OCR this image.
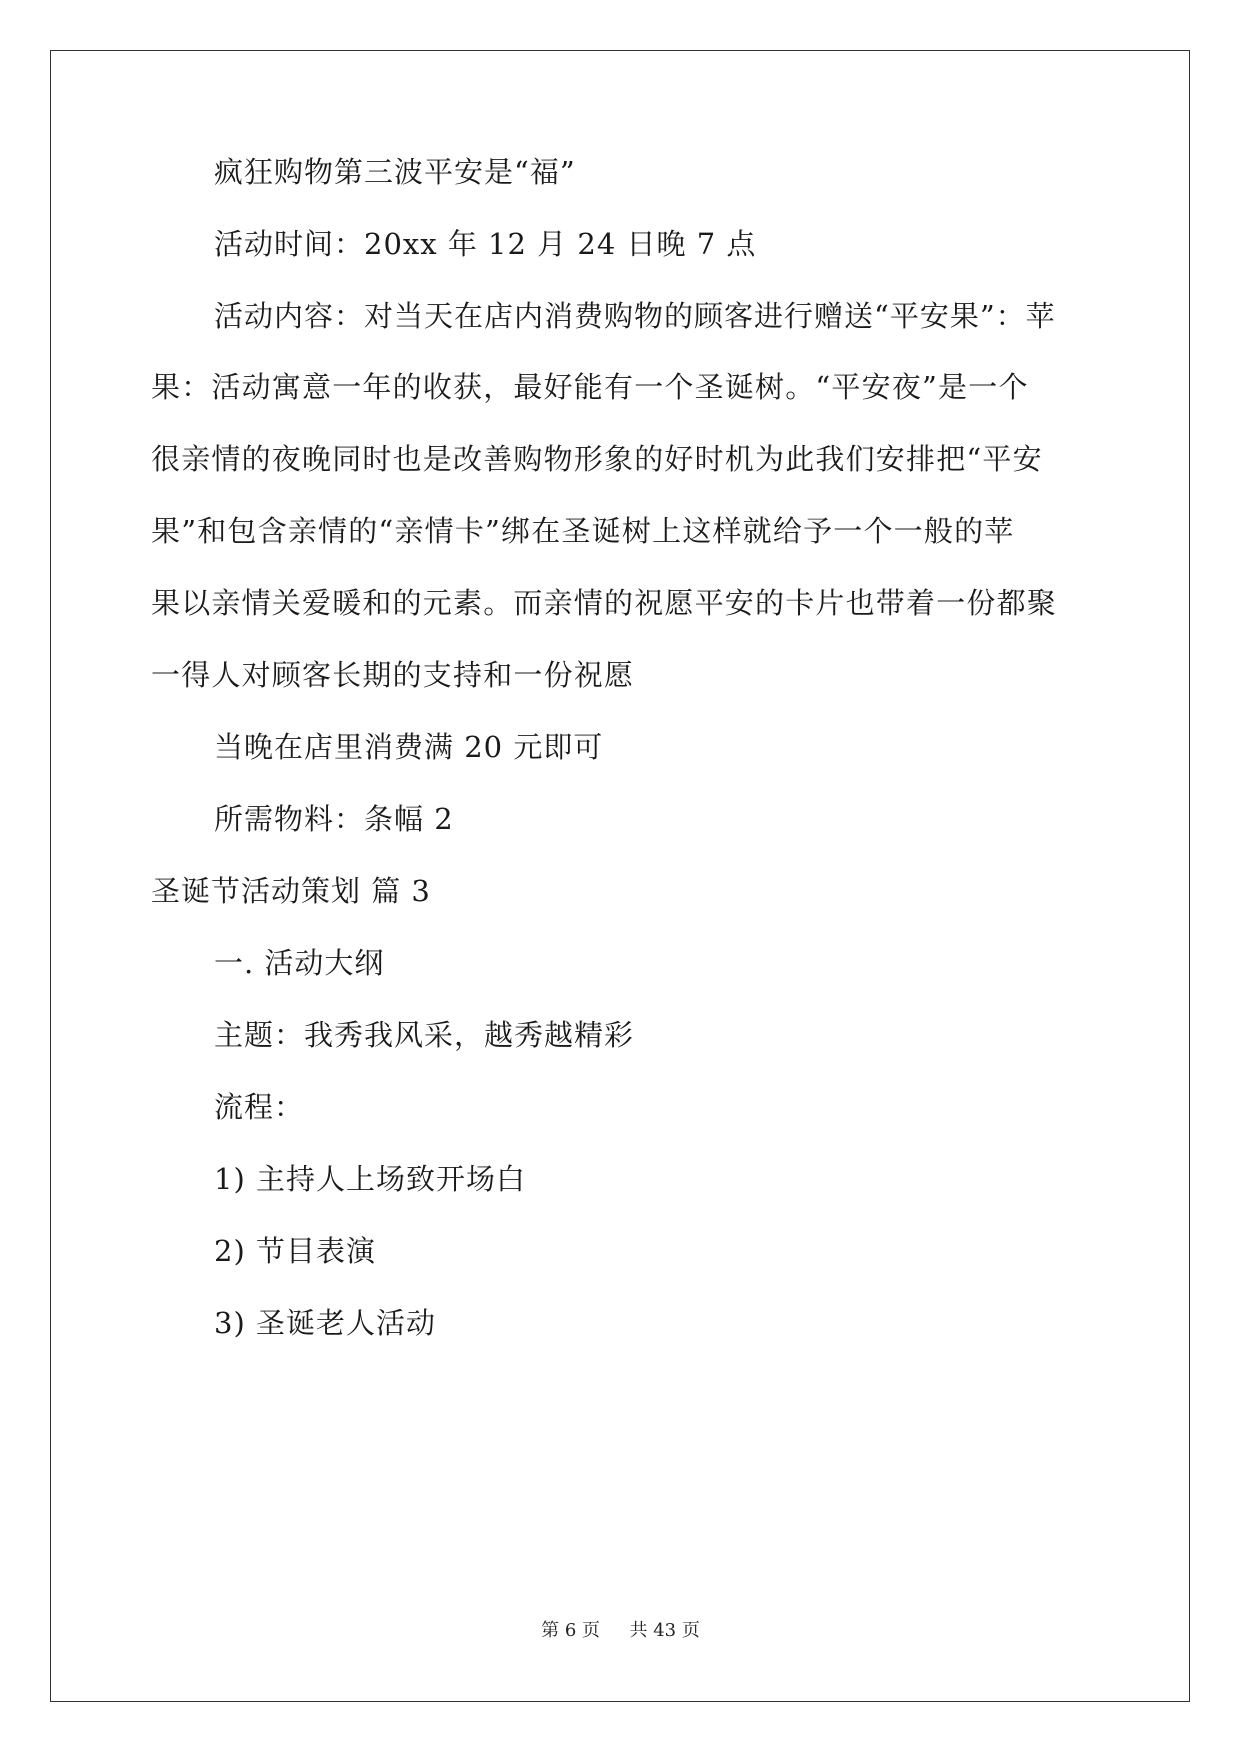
疯狂购物第三波平安是“福”
活动时间：20xx 年 12 月 24 日晚 7 点
活动内容：对当天在店内消费购物的顾客进行赠送“平安果”：苹
果：活动寓意一年的收获，最好能有一个圣诞树。“平安夜”是一个
很亲情的夜晚同时也是改善购物形象的好时机为此我们安排把“平安
果”和包含亲情的“亲情卡”绑在圣诞树上这样就给予一个一般的苹
果以亲情关爱暖和的元素。而亲情的祝愿平安的卡片也带着一份都聚
一得人对顾客长期的支持和一份祝愿
当晚在店里消费满 20 元即可
所需物料：条幅 2
圣诞节活动策划 篇 3
一. 活动大纲
主题：我秀我风采，越秀越精彩
流程：
1) 主持人上场致开场白
2) 节目表演
3) 圣诞老人活动
第 6 页 共 43 页
